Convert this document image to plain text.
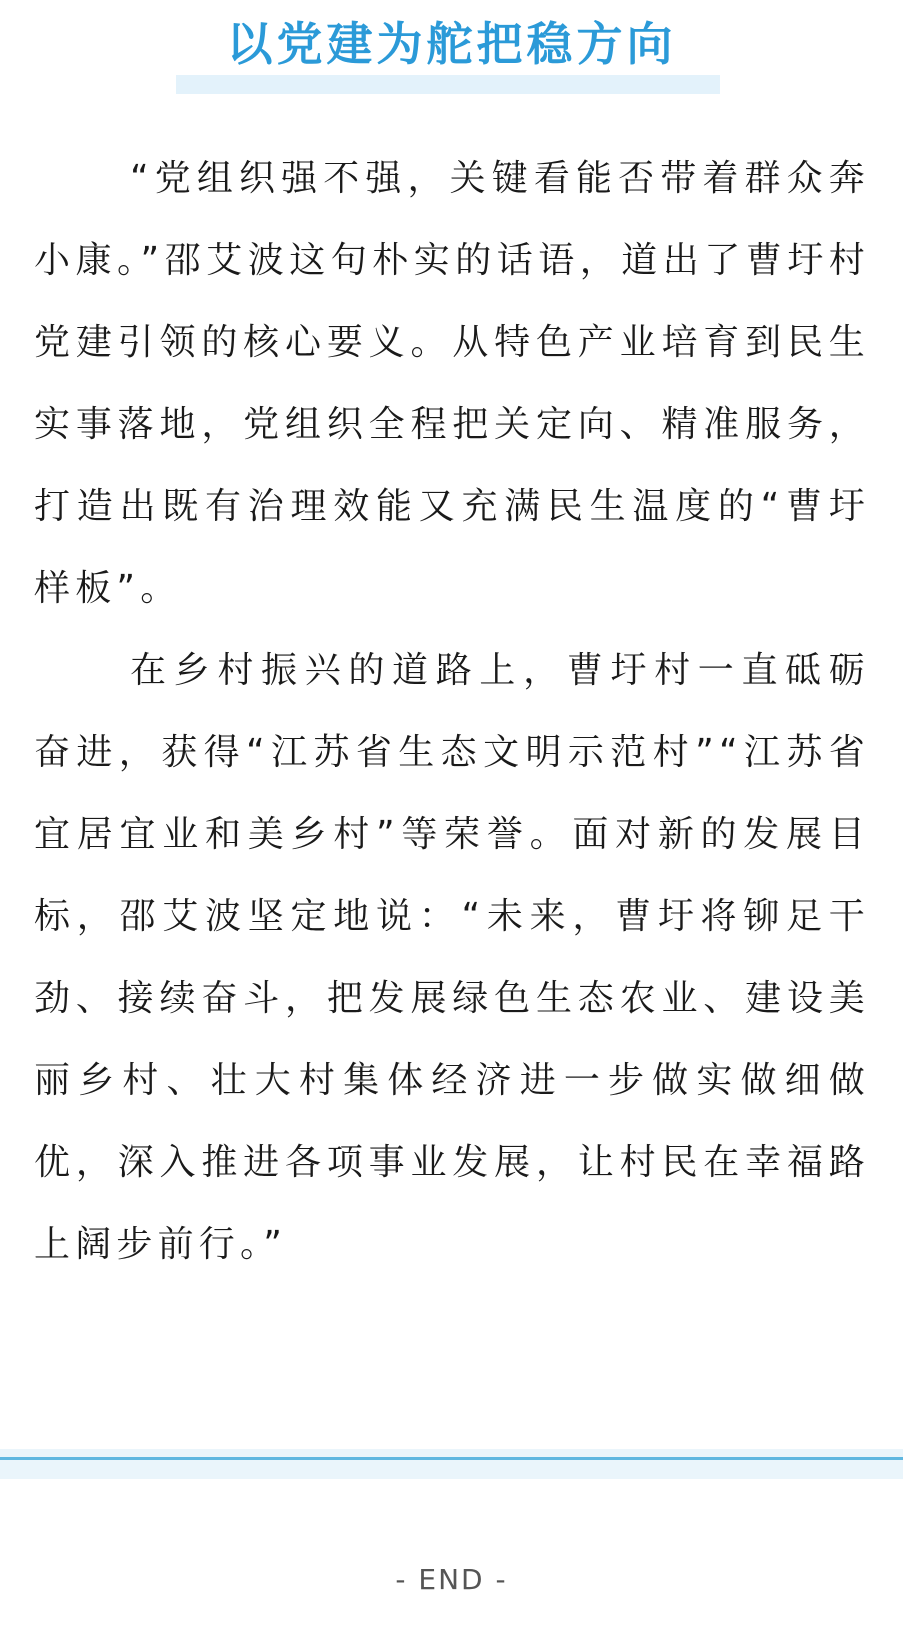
以党建为舵把稳方向

“党组织强不强，关键看能否带着群众奔小康。”邵艾波这句朴实的话语，道出了曹圩村党建引领的核心要义。从特色产业培育到民生实事落地，党组织全程把关定向、精准服务，打造出既有治理效能又充满民生温度的“曹圩样板”。

在乡村振兴的道路上，曹圩村一直砥砺奋进，获得“江苏省生态文明示范村”“江苏省宜居宜业和美乡村”等荣誉。面对新的发展目标，邵艾波坚定地说：“未来，曹圩将铆足干劲、接续奋斗，把发展绿色生态农业、建设美丽乡村、壮大村集体经济进一步做实做细做优，深入推进各项事业发展，让村民在幸福路上阔步前行。”

- END -
